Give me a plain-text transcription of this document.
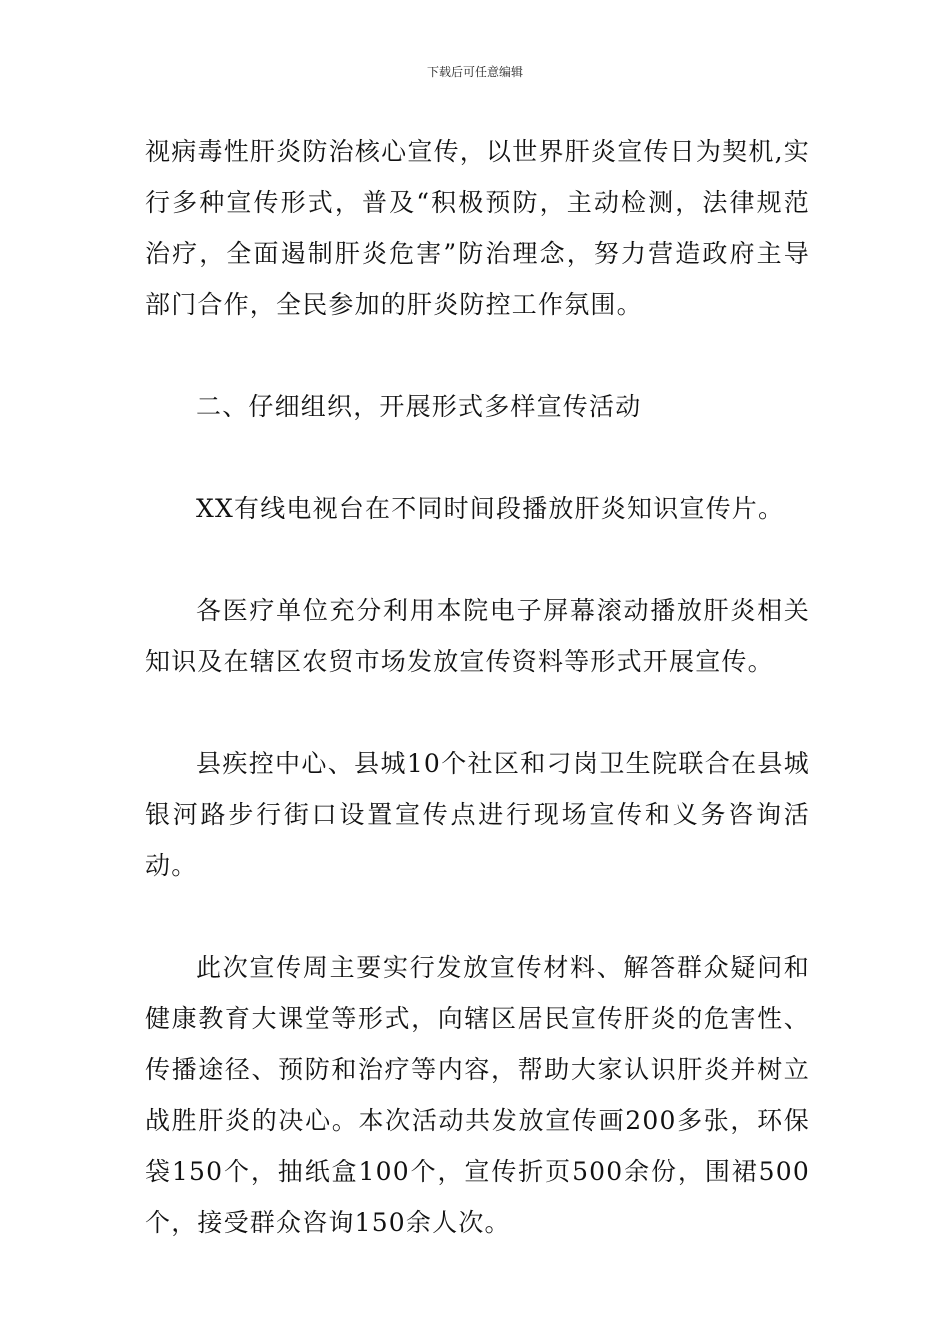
下载后可任意编辑

视病毒性肝炎防治核心宣传，以世界肝炎宣传日为契机,实行多种宣传形式，普及“积极预防，主动检测，法律规范治疗，全面遏制肝炎危害”防治理念，努力营造政府主导部门合作，全民参加的肝炎防控工作氛围。

二、仔细组织，开展形式多样宣传活动

XX有线电视台在不同时间段播放肝炎知识宣传片。

各医疗单位充分利用本院电子屏幕滚动播放肝炎相关知识及在辖区农贸市场发放宣传资料等形式开展宣传。

县疾控中心、县城10个社区和刁岗卫生院联合在县城银河路步行街口设置宣传点进行现场宣传和义务咨询活动。

此次宣传周主要实行发放宣传材料、解答群众疑问和健康教育大课堂等形式，向辖区居民宣传肝炎的危害性、传播途径、预防和治疗等内容，帮助大家认识肝炎并树立战胜肝炎的决心。本次活动共发放宣传画200多张，环保袋150个，抽纸盒100个，宣传折页500余份，围裙500个，接受群众咨询150余人次。
